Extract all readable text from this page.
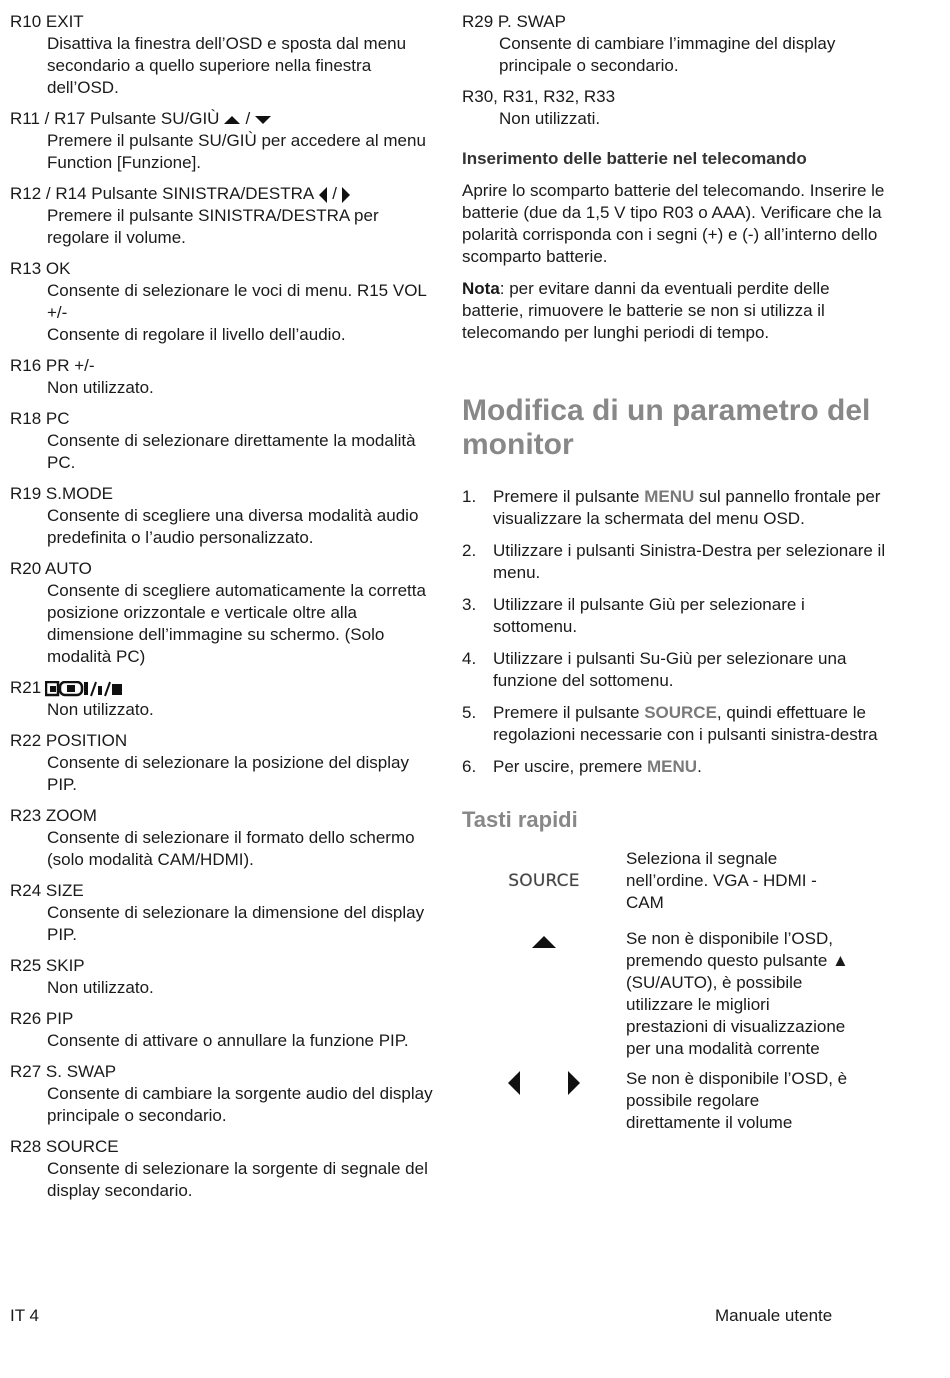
R10 EXIT
Disattiva la finestra dell’OSD e sposta dal menu secondario a quello superiore nella finestra dell’OSD.
R11 / R17 Pulsante SU/GIÙ /
Premere il pulsante SU/GIÙ per accedere al menu Function [Funzione].
R12 / R14 Pulsante SINISTRA/DESTRA /
Premere il pulsante SINISTRA/DESTRA per regolare il volume.
R13 OK
Consente di selezionare le voci di menu. R15 VOL +/-
Consente di regolare il livello dell’audio.
R16 PR +/-
Non utilizzato.
R18 PC
Consente di selezionare direttamente la modalità PC.
R19 S.MODE
Consente di scegliere una diversa modalità audio predefinita o l’audio personalizzato.
R20 AUTO
Consente di scegliere automaticamente la corretta posizione orizzontale e verticale oltre alla dimensione dell’immagine su schermo. (Solo modalità PC)
R21
Non utilizzato.
R22 POSITION
Consente di selezionare la posizione del display PIP.
R23 ZOOM
Consente di selezionare il formato dello schermo (solo modalità CAM/HDMI).
R24 SIZE
Consente di selezionare la dimensione del display PIP.
R25 SKIP
Non utilizzato.
R26 PIP
Consente di attivare o annullare la funzione PIP.
R27 S. SWAP
Consente di cambiare la sorgente audio del display principale o secondario.
R28 SOURCE
Consente di selezionare la sorgente di segnale del display secondario.
R29 P. SWAP
Consente di cambiare l’immagine del display principale o secondario.
R30, R31, R32, R33
Non utilizzati.
Inserimento delle batterie nel telecomando

Aprire lo scomparto batterie del telecomando. Inserire le batterie (due da 1,5 V tipo R03 o AAA). Verificare che la polarità corrisponda con i segni (+) e (-) all’interno dello scomparto batterie.

Nota: per evitare danni da eventuali perdite delle batterie, rimuovere le batterie se non si utilizza il telecomando per lunghi periodi di tempo.

Modifica di un parametro del monitor
1. Premere il pulsante MENU sul pannello frontale per visualizzare la schermata del menu OSD.
2. Utilizzare i pulsanti Sinistra-Destra per selezionare il menu.
3. Utilizzare il pulsante Giù per selezionare i sottomenu.
4. Utilizzare i pulsanti Su-Giù per selezionare una funzione del sottomenu.
5. Premere il pulsante SOURCE, quindi effettuare le regolazioni necessarie con i pulsanti sinistra-destra
6. Per uscire, premere MENU.
Tasti rapidi
SOURCE
Seleziona il segnale nell’ordine. VGA - HDMI - CAM
Se non è disponibile l’OSD, premendo questo pulsante ▲ (SU/AUTO), è possibile utilizzare le migliori prestazioni di visualizzazione per una modalità corrente
Se non è disponibile l’OSD, è possibile regolare direttamente il volume
IT 4	Manuale utente
